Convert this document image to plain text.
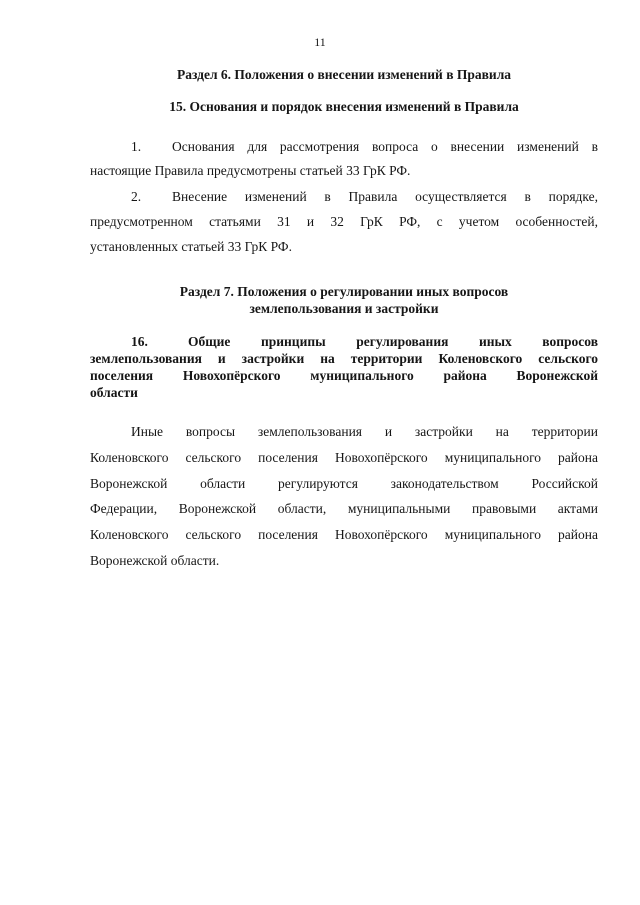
11
Раздел 6. Положения о внесении изменений в Правила
15. Основания и порядок внесения изменений в Правила
1. Основания для рассмотрения вопроса о внесении изменений в
настоящие Правила предусмотрены статьей 33 ГрК РФ.
2. Внесение изменений в Правила осуществляется в порядке,
предусмотренном статьями 31 и 32 ГрК РФ, с учетом особенностей,
установленных статьей 33 ГрК РФ.
Раздел 7. Положения о регулировании иных вопросов
землепользования и застройки
16.	Общие принципы регулирования иных вопросов
землепользования и застройки на территории Коленовского сельского
поселения Новохопёрского муниципального района Воронежской
области
Иные вопросы землепользования и застройки на территории
Коленовского сельского поселения Новохопёрского муниципального района
Воронежской области регулируются законодательством Российской
Федерации, Воронежской области, муниципальными правовыми актами
Коленовского сельского поселения Новохопёрского муниципального района
Воронежской области.
